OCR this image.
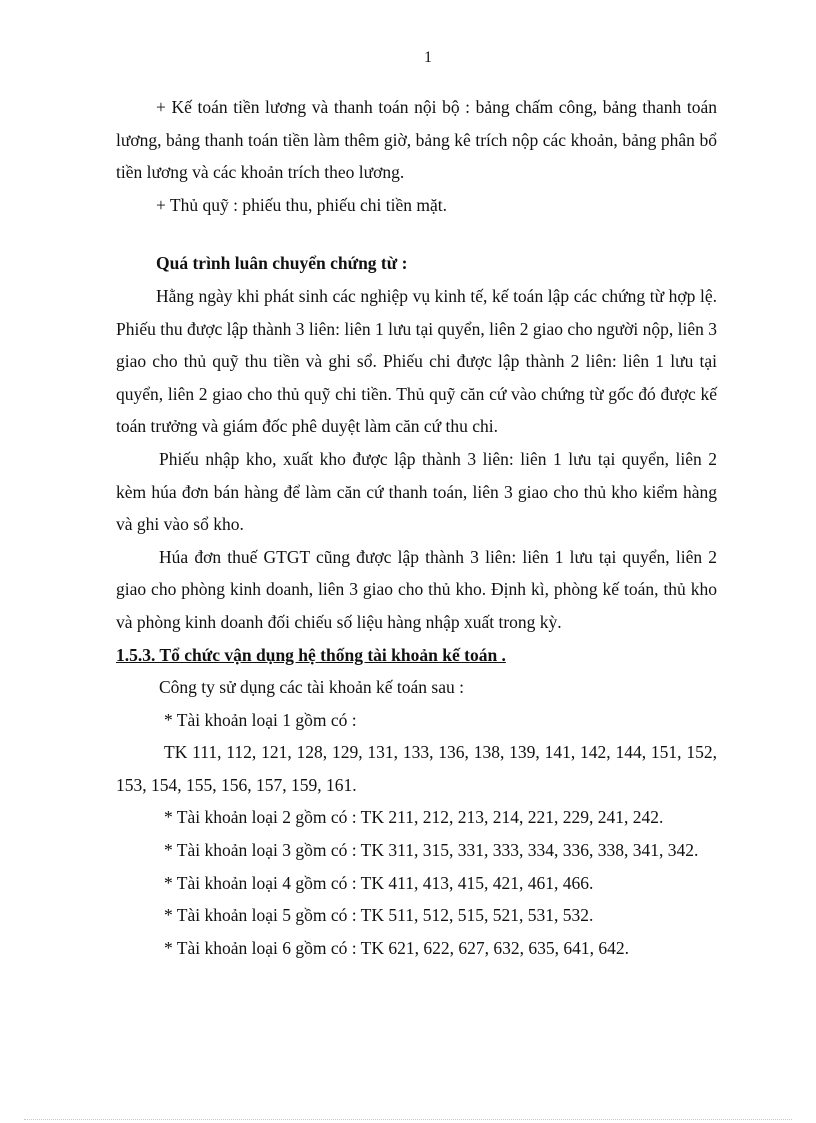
1

+ Kế toán tiền lương và thanh toán nội bộ : bảng chấm công, bảng thanh toán lương, bảng thanh toán tiền làm thêm giờ, bảng kê trích nộp các khoản, bảng phân bổ tiền lương và các khoản trích theo lương.

+ Thủ quỹ : phiếu thu, phiếu chi tiền mặt.

Quá trình luân chuyển chứng từ :

Hằng ngày khi phát sinh các nghiệp vụ kinh tế, kế toán lập các chứng từ hợp lệ. Phiếu thu được lập thành 3 liên: liên 1 lưu tại quyển, liên 2 giao cho người nộp, liên 3 giao cho thủ quỹ thu tiền và ghi sổ. Phiếu chi được lập thành 2 liên: liên 1 lưu tại quyển, liên 2 giao cho thủ quỹ chi tiền. Thủ quỹ căn cứ vào chứng từ gốc đó được kế toán trưởng và giám đốc phê duyệt làm căn cứ thu chi.

Phiếu nhập kho, xuất kho được lập thành 3 liên: liên 1 lưu tại quyển, liên 2 kèm húa đơn bán hàng để làm căn cứ thanh toán, liên 3 giao cho thủ kho kiểm hàng và ghi vào sổ kho.

Húa đơn thuế GTGT cũng được lập thành 3 liên: liên 1 lưu tại quyển, liên 2 giao cho phòng kinh doanh, liên 3 giao cho thủ kho. Định kì, phòng kế toán, thủ kho và phòng kinh doanh đối chiếu số liệu hàng nhập xuất trong kỳ.

1.5.3. Tổ chức vận dụng hệ thống tài khoản kế toán .

Công ty sử dụng các tài khoản kế toán sau :

* Tài khoản loại 1 gồm có :

TK 111, 112, 121, 128, 129, 131, 133, 136, 138, 139, 141, 142, 144, 151, 152, 153, 154, 155, 156, 157, 159, 161.

* Tài khoản loại 2 gồm có : TK 211, 212, 213, 214, 221, 229, 241, 242.

* Tài khoản loại 3 gồm có : TK 311, 315, 331, 333, 334, 336, 338, 341, 342.

* Tài khoản loại 4 gồm có : TK 411, 413, 415, 421, 461, 466.

* Tài khoản loại 5 gồm có : TK 511, 512, 515, 521, 531, 532.

* Tài khoản loại 6 gồm có : TK 621, 622, 627, 632, 635, 641, 642.
